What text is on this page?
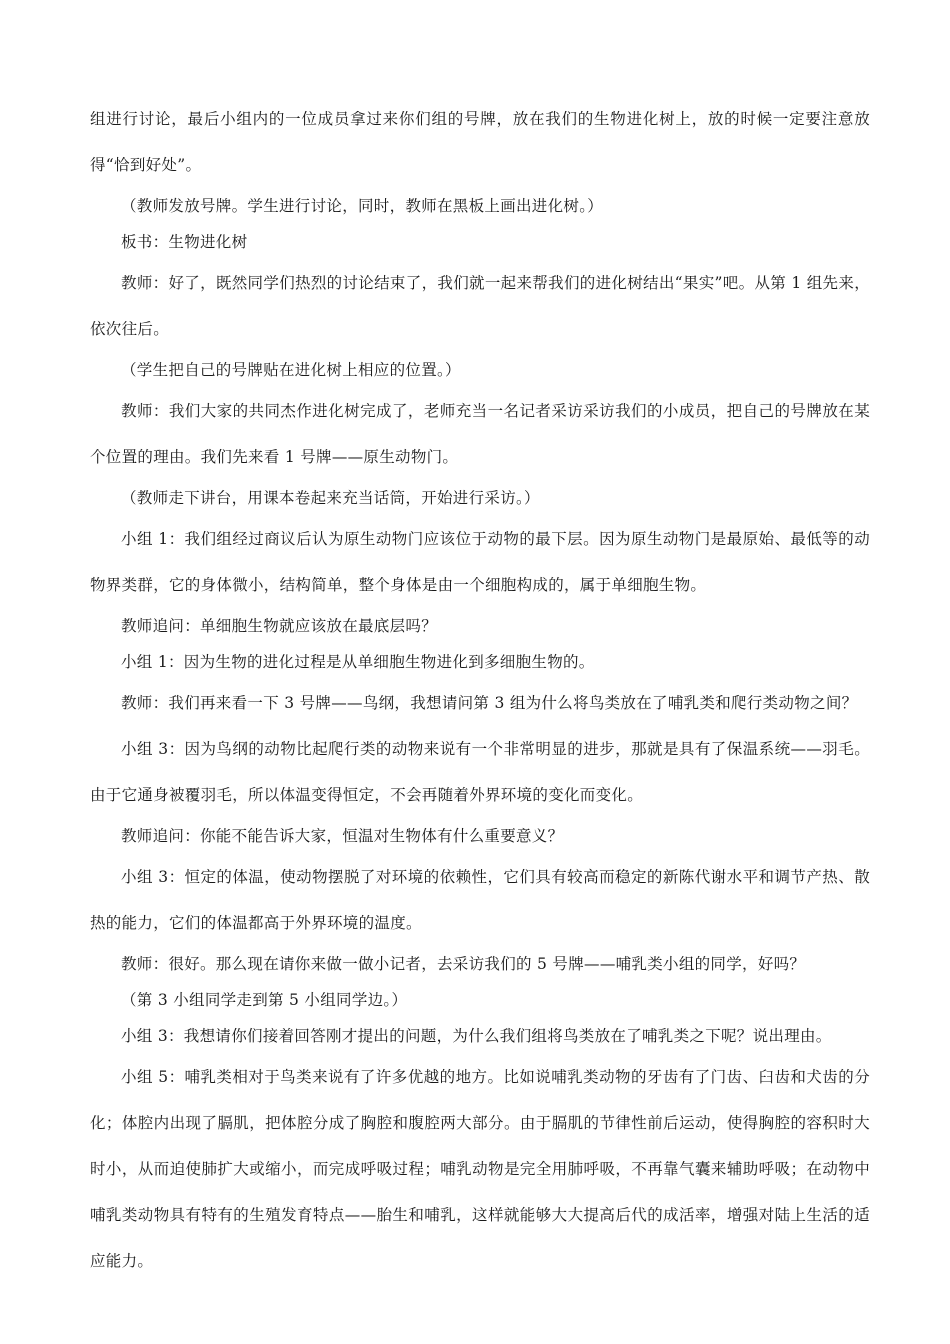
组进行讨论，最后小组内的一位成员拿过来你们组的号牌，放在我们的生物进化树上，放的时候一定要注意放得“恰到好处”。

（教师发放号牌。学生进行讨论，同时，教师在黑板上画出进化树。）

板书：生物进化树

教师：好了，既然同学们热烈的讨论结束了，我们就一起来帮我们的进化树结出“果实”吧。从第 1 组先来，依次往后。

（学生把自己的号牌贴在进化树上相应的位置。）

教师：我们大家的共同杰作进化树完成了，老师充当一名记者采访采访我们的小成员，把自己的号牌放在某个位置的理由。我们先来看 1 号牌——原生动物门。

（教师走下讲台，用课本卷起来充当话筒，开始进行采访。）

小组 1：我们组经过商议后认为原生动物门应该位于动物的最下层。因为原生动物门是最原始、最低等的动物界类群，它的身体微小，结构简单，整个身体是由一个细胞构成的，属于单细胞生物。

教师追问：单细胞生物就应该放在最底层吗？

小组 1：因为生物的进化过程是从单细胞生物进化到多细胞生物的。

教师：我们再来看一下 3 号牌——鸟纲，我想请问第 3 组为什么将鸟类放在了哺乳类和爬行类动物之间？

小组 3：因为鸟纲的动物比起爬行类的动物来说有一个非常明显的进步，那就是具有了保温系统——羽毛。由于它通身被覆羽毛，所以体温变得恒定，不会再随着外界环境的变化而变化。

教师追问：你能不能告诉大家，恒温对生物体有什么重要意义？

小组 3：恒定的体温，使动物摆脱了对环境的依赖性，它们具有较高而稳定的新陈代谢水平和调节产热、散热的能力，它们的体温都高于外界环境的温度。

教师：很好。那么现在请你来做一做小记者，去采访我们的 5 号牌——哺乳类小组的同学，好吗？

（第 3 小组同学走到第 5 小组同学边。）

小组 3：我想请你们接着回答刚才提出的问题，为什么我们组将鸟类放在了哺乳类之下呢？说出理由。

小组 5：哺乳类相对于鸟类来说有了许多优越的地方。比如说哺乳类动物的牙齿有了门齿、臼齿和犬齿的分化；体腔内出现了膈肌，把体腔分成了胸腔和腹腔两大部分。由于膈肌的节律性前后运动，使得胸腔的容积时大时小，从而迫使肺扩大或缩小，而完成呼吸过程；哺乳动物是完全用肺呼吸，不再靠气囊来辅助呼吸；在动物中哺乳类动物具有特有的生殖发育特点——胎生和哺乳，这样就能够大大提高后代的成活率，增强对陆上生活的适应能力。
